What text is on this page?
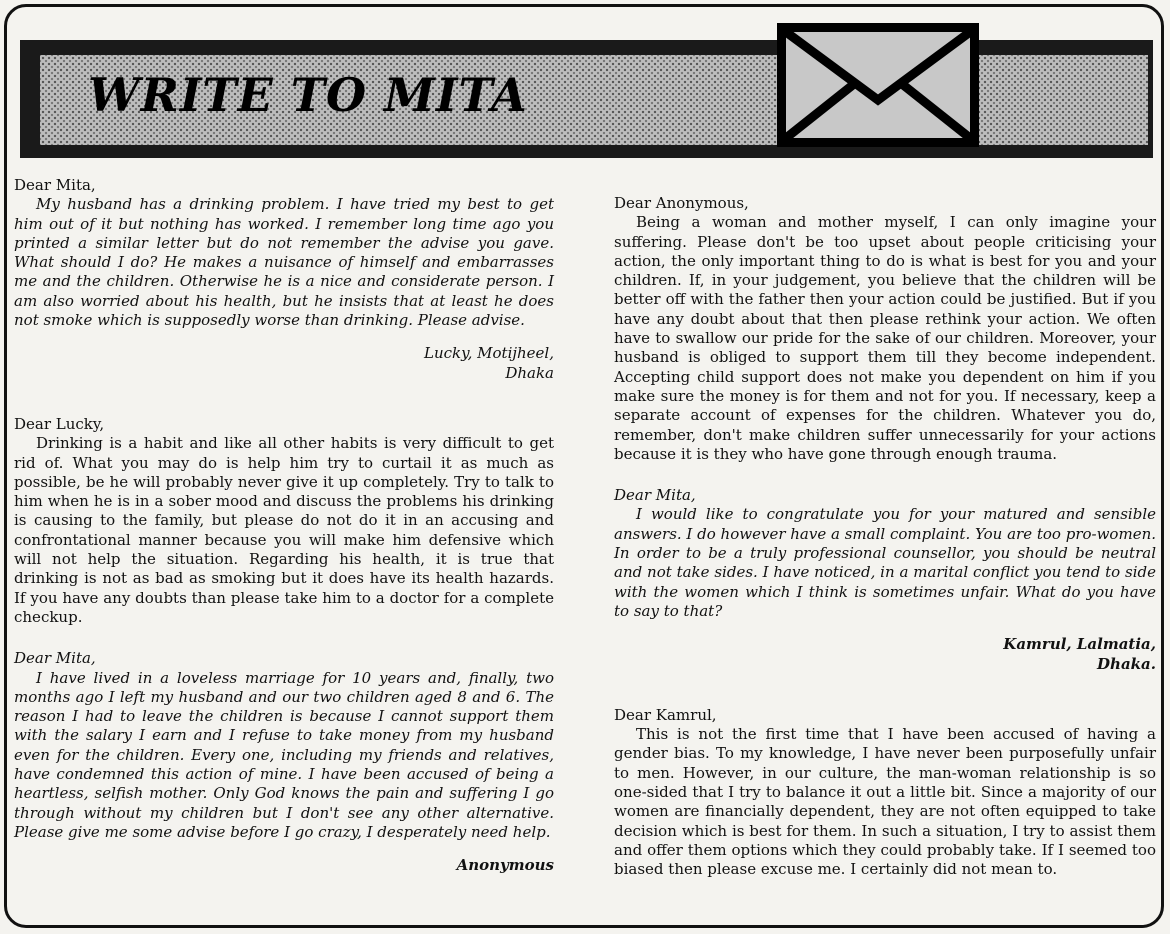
WRITE TO MITA

Dear Mita,

My husband has a drinking problem. I have tried my best to get him out of it but nothing has worked. I remember long time ago you printed a similar letter but do not remember the advise you gave. What should I do? He makes a nuisance of himself and embarrasses me and the children. Otherwise he is a nice and considerate person. I am also worried about his health, but he insists that at least he does not smoke which is supposedly worse than drinking. Please advise.

Lucky, Motijheel,

Dhaka

Dear Lucky,

Drinking is a habit and like all other habits is very difficult to get rid of. What you may do is help him try to curtail it as much as possible, be he will probably never give it up completely. Try to talk to him when he is in a sober mood and discuss the problems his drinking is causing to the family, but please do not do it in an accusing and confrontational manner because you will make him defensive which will not help the situation. Regarding his health, it is true that drinking is not as bad as smoking but it does have its health hazards. If you have any doubts than please take him to a doctor for a complete checkup.

Dear Mita,

I have lived in a loveless marriage for 10 years and, finally, two months ago I left my husband and our two children aged 8 and 6. The reason I had to leave the children is because I cannot support them with the salary I earn and I refuse to take money from my husband even for the children. Every one, including my friends and relatives, have condemned this action of mine. I have been accused of being a heartless, selfish mother. Only God knows the pain and suffering I go through without my children but I don't see any other alternative. Please give me some advise before I go crazy, I desperately need help.

Anonymous

Dear Anonymous,

Being a woman and mother myself, I can only imagine your suffering. Please don't be too upset about people criticising your action, the only important thing to do is what is best for you and your children. If, in your judgement, you believe that the children will be better off with the father then your action could be justified. But if you have any doubt about that then please rethink your action. We often have to swallow our pride for the sake of our children. Moreover, your husband is obliged to support them till they become independent. Accepting child support does not make you dependent on him if you make sure the money is for them and not for you. If necessary, keep a separate account of expenses for the children. Whatever you do, remember, don't make children suffer unnecessarily for your actions because it is they who have gone through enough trauma.

Dear Mita,

I would like to congratulate you for your matured and sensible answers. I do however have a small complaint. You are too pro-women. In order to be a truly professional counsellor, you should be neutral and not take sides. I have noticed, in a marital conflict you tend to side with the women which I think is sometimes unfair. What do you have to say to that?

Kamrul, Lalmatia,

Dhaka.

Dear Kamrul,

This is not the first time that I have been accused of having a gender bias. To my knowledge, I have never been purposefully unfair to men. However, in our culture, the man-woman relationship is so one-sided that I try to balance it out a little bit. Since a majority of our women are financially dependent, they are not often equipped to take decision which is best for them. In such a situation, I try to assist them and offer them options which they could probably take. If I seemed too biased then please excuse me. I certainly did not mean to.
